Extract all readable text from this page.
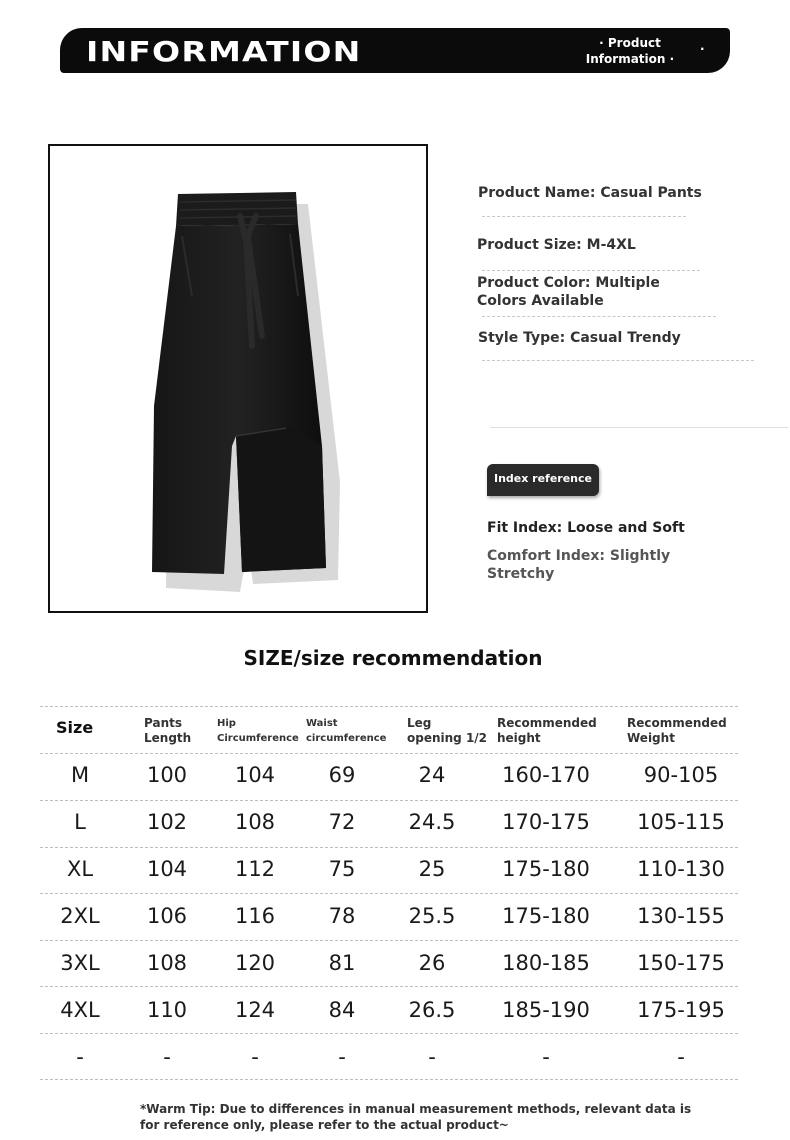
INFORMATION
·	Product
Information ·
·
Product Name: Casual Pants
Product Size: M-4XL
Product Color: Multiple Colors Available
Style Type: Casual Trendy
Index reference
Fit Index: Loose and Soft
Comfort Index: Slightly Stretchy
SIZE/size recommendation
Size	Pants
Length
Hip
Circumference
Waist
circumference
Leg
opening 1/2
Recommended
height
Recommended
Weight
M	100	104	69	24	160-170	90-105
L	102	108	72	24.5	170-175	105-115
XL	104	112	75	25	175-180	110-130
2XL	106	116	78	25.5	175-180	130-155
3XL	108	120	81	26	180-185	150-175
4XL	110	124	84	26.5	185-190	175-195
-	-	-	-	-	-	-
*Warm Tip: Due to differences in manual measurement methods, relevant data is for reference only, please refer to the actual product~
